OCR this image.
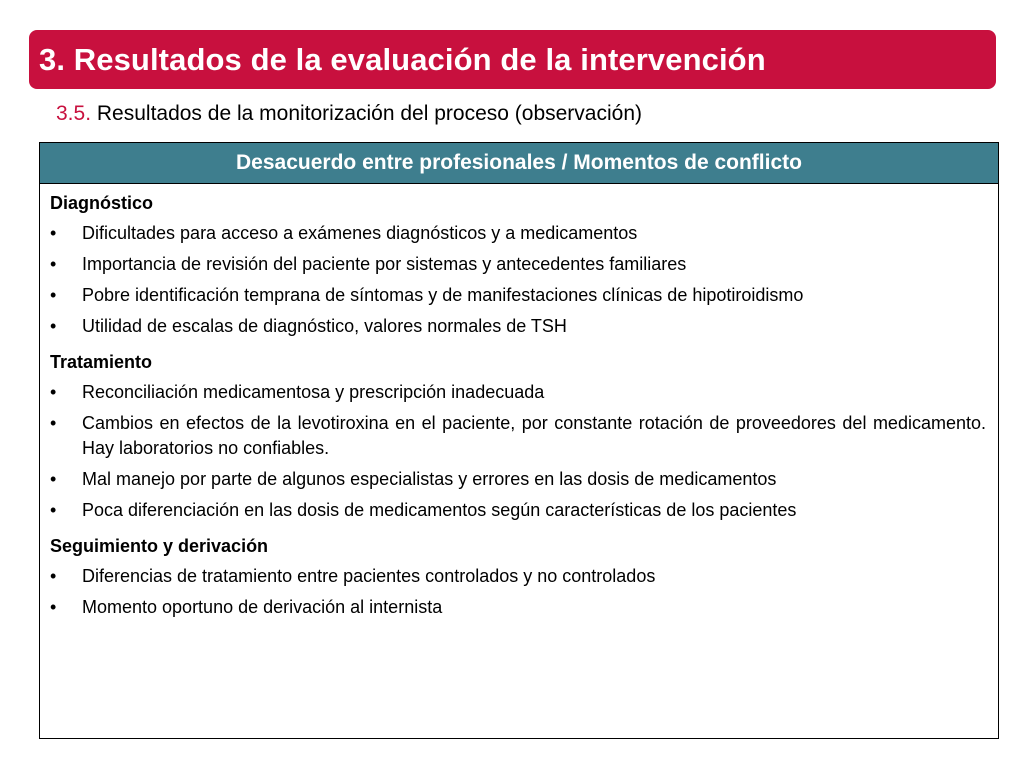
3. Resultados de la evaluación de la intervención
3.5. Resultados de la monitorización del proceso (observación)
Desacuerdo entre profesionales / Momentos de conflicto
Diagnóstico
•	Dificultades para acceso a exámenes diagnósticos y a medicamentos
•	Importancia de revisión del paciente por sistemas y antecedentes familiares
•	Pobre identificación temprana de síntomas y de manifestaciones clínicas de hipotiroidismo
•	Utilidad de escalas de diagnóstico, valores normales de TSH
Tratamiento
•	Reconciliación medicamentosa y prescripción inadecuada
•	Cambios en efectos de la levotiroxina en el paciente, por constante rotación de proveedores del medicamento. Hay laboratorios no confiables.
•	Mal manejo por parte de algunos especialistas y errores en las dosis de medicamentos
•	Poca diferenciación en las dosis de medicamentos según características de los pacientes
Seguimiento y derivación
•	Diferencias de tratamiento entre pacientes controlados y no controlados
•	Momento oportuno de derivación al internista
